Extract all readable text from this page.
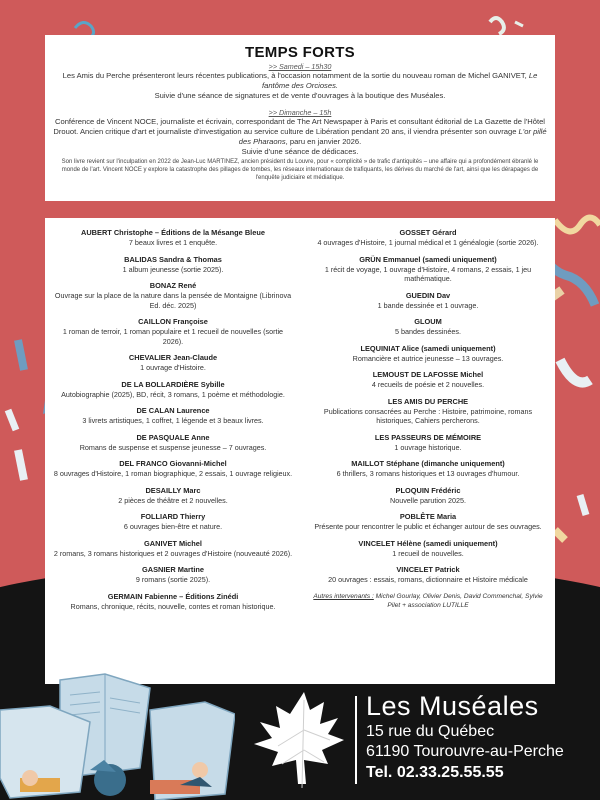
TEMPS FORTS
>> Samedi – 15h30
Les Amis du Perche présenteront leurs récentes publications, à l'occasion notamment de la sortie du nouveau roman de Michel GANIVET, Le fantôme des Orcioses.
Suivie d'une séance de signatures et de vente d'ouvrages à la boutique des Muséales.
>> Dimanche – 15h
Conférence de Vincent NOCE, journaliste et écrivain, correspondant de The Art Newspaper à Paris et consultant éditorial de La Gazette de l'Hôtel Drouot. Ancien critique d'art et journaliste d'investigation au service culture de Libération pendant 20 ans, il viendra présenter son ouvrage L'or pillé des Pharaons, paru en janvier 2026.
Suivie d'une séance de dédicaces.
Son livre revient sur l'inculpation en 2022 de Jean-Luc MARTINEZ, ancien président du Louvre, pour « complicité » de trafic d'antiquités – une affaire qui a profondément ébranlé le monde de l'art. Vincent NOCE y explore la catastrophe des pillages de tombes, les réseaux internationaux de trafiquants, les dérives du marché de l'art, ainsi que les dérapages de l'enquête judiciaire et médiatique.
AUBERT Christophe – Éditions de la Mésange Bleue
7 beaux livres et 1 enquête.
BALIDAS Sandra & Thomas
1 album jeunesse (sortie 2025).
BONAZ René
Ouvrage sur la place de la nature dans la pensée de Montaigne (Librinova Ed. déc. 2025)
CAILLON Françoise
1 roman de terroir, 1 roman populaire et 1 recueil de nouvelles (sortie 2026).
CHEVALIER Jean-Claude
1 ouvrage d'Histoire.
DE LA BOLLARDIÈRE Sybille
Autobiographie (2025), BD, récit, 3 romans, 1 poème et méthodologie.
DE CALAN Laurence
3 livrets artistiques, 1 coffret, 1 légende et 3 beaux livres.
DE PASQUALE Anne
Romans de suspense et suspense jeunesse – 7 ouvrages.
DEL FRANCO Giovanni-Michel
8 ouvrages d'Histoire, 1 roman biographique, 2 essais, 1 ouvrage religieux.
DESAILLY Marc
2 pièces de théâtre et 2 nouvelles.
FOLLIARD Thierry
6 ouvrages bien-être et nature.
GANIVET Michel
2 romans, 3 romans historiques et 2 ouvrages d'Histoire (nouveauté 2026).
GASNIER Martine
9 romans (sortie 2025).
GERMAIN Fabienne – Éditions Zinédi
Romans, chronique, récits, nouvelle, contes et roman historique.
GOSSET Gérard
4 ouvrages d'Histoire, 1 journal médical et 1 généalogie (sortie 2026).
GRÜN Emmanuel (samedi uniquement)
1 récit de voyage, 1 ouvrage d'Histoire, 4 romans, 2 essais, 1 jeu mathématique.
GUEDIN Dav
1 bande dessinée et 1 ouvrage.
GLOUM
5 bandes dessinées.
LEQUINIAT Alice (samedi uniquement)
Romancière et autrice jeunesse – 13 ouvrages.
LEMOUST DE LAFOSSE Michel
4 recueils de poésie et 2 nouvelles.
LES AMIS DU PERCHE
Publications consacrées au Perche : Histoire, patrimoine, romans historiques, Cahiers percherons.
LES PASSEURS DE MÉMOIRE
1 ouvrage historique.
MAILLOT Stéphane (dimanche uniquement)
6 thrillers, 3 romans historiques et 13 ouvrages d'humour.
PLOQUIN Frédéric
Nouvelle parution 2025.
POBLÊTE Maria
Présente pour rencontrer le public et échanger autour de ses ouvrages.
VINCELET Hélène (samedi uniquement)
1 recueil de nouvelles.
VINCELET Patrick
20 ouvrages : essais, romans, dictionnaire et Histoire médicale
Autres intervenants : Michel Gourlay, Olivier Denis, David Commenchal, Sylvie Pilet + association LUTILLE
Les Muséales
15 rue du Québec
61190 Tourouvre-au-Perche
Tel. 02.33.25.55.55
